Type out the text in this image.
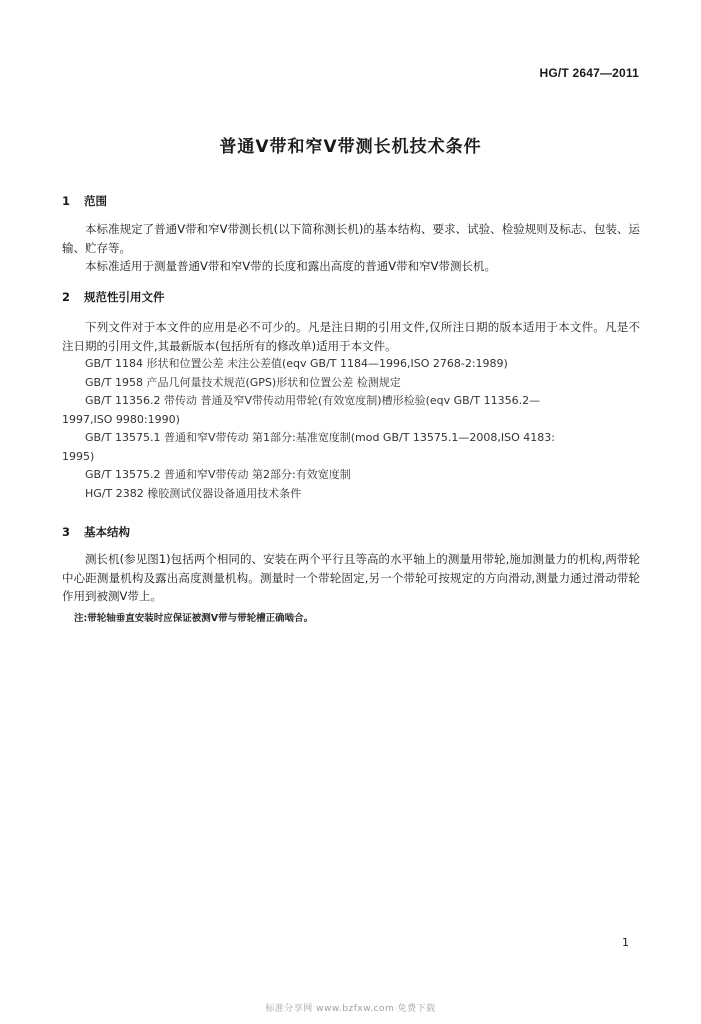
HG/T 2647—2011
普通V带和窄V带测长机技术条件
1 范围

本标准规定了普通V带和窄V带测长机(以下简称测长机)的基本结构、要求、试验、检验规则及标志、包装、运输、贮存等。

本标准适用于测量普通V带和窄V带的长度和露出高度的普通V带和窄V带测长机。

2 规范性引用文件

下列文件对于本文件的应用是必不可少的。凡是注日期的引用文件,仅所注日期的版本适用于本文件。凡是不注日期的引用文件,其最新版本(包括所有的修改单)适用于本文件。

GB/T 1184 形状和位置公差 未注公差值(eqv GB/T 1184—1996,ISO 2768-2:1989)
GB/T 1958 产品几何量技术规范(GPS)形状和位置公差 检测规定
GB/T 11356.2 带传动 普通及窄V带传动用带轮(有效宽度制)槽形检验(eqv GB/T 11356.2—
1997,ISO 9980:1990)
GB/T 13575.1 普通和窄V带传动 第1部分:基准宽度制(mod GB/T 13575.1—2008,ISO 4183:
1995)
GB/T 13575.2 普通和窄V带传动 第2部分:有效宽度制
HG/T 2382 橡胶测试仪器设备通用技术条件
3 基本结构

测长机(参见图1)包括两个相同的、安装在两个平行且等高的水平轴上的测量用带轮,施加测量力的机构,两带轮中心距测量机构及露出高度测量机构。测量时一个带轮固定,另一个带轮可按规定的方向滑动,测量力通过滑动带轮作用到被测V带上。

注:带轮轴垂直安装时应保证被测V带与带轮槽正确啮合。
1
标准分享网 www.bzfxw.com 免费下载
